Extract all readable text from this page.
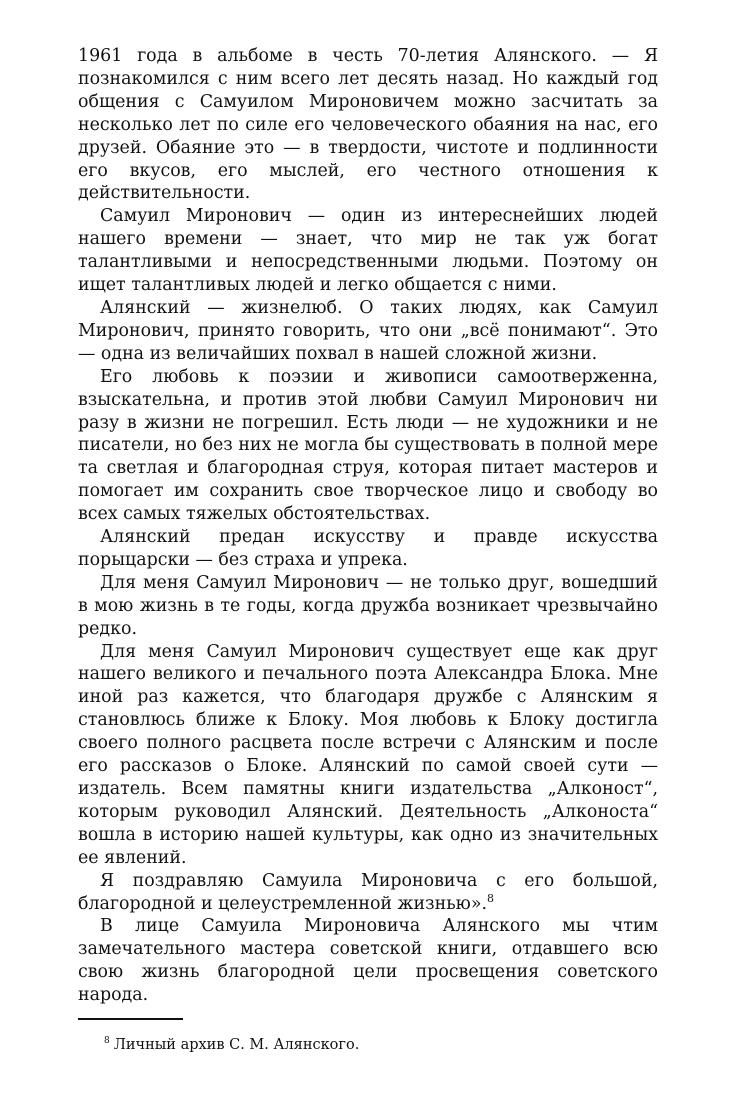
1961 года в альбоме в честь 70-летия Алянского. — Я познакомился с ним всего лет десять назад. Но каждый год общения с Самуилом Мироновичем можно засчитать за несколько лет по силе его человеческого обаяния на нас, его друзей. Обаяние это — в твердости, чистоте и подлинности его вкусов, его мыслей, его честного отношения к действительности.

Самуил Миронович — один из интереснейших людей нашего времени — знает, что мир не так уж богат талантливыми и непосредственными людьми. Поэтому он ищет талантливых людей и легко общается с ними.

Алянский — жизнелюб. О таких людях, как Самуил Миронович, принято говорить, что они „всё понимают“. Это — одна из величайших похвал в нашей сложной жизни.

Его любовь к поэзии и живописи самоотверженна, взыскательна, и против этой любви Самуил Миронович ни разу в жизни не погрешил. Есть люди — не художники и не писатели, но без них не могла бы существовать в полной мере та светлая и благородная струя, которая питает мастеров и помогает им сохранить свое творческое лицо и свободу во всех самых тяжелых обстоятельствах.

Алянский предан искусству и правде искусства порыцарски — без страха и упрека.

Для меня Самуил Миронович — не только друг, вошедший в мою жизнь в те годы, когда дружба возникает чрезвычайно редко.

Для меня Самуил Миронович существует еще как друг нашего великого и печального поэта Александра Блока. Мне иной раз кажется, что благодаря дружбе с Алянским я становлюсь ближе к Блоку. Моя любовь к Блоку достигла своего полного расцвета после встречи с Алянским и после его рассказов о Блоке. Алянский по самой своей сути — издатель. Всем памятны книги издательства „Алконост“, которым руководил Алянский. Деятельность „Алконоста“ вошла в историю нашей культуры, как одно из значительных ее явлений.

Я поздравляю Самуила Мироновича с его большой, благородной и целеустремленной жизнью».$^8$

В лице Самуила Мироновича Алянского мы чтим замечательного мастера советской книги, отдавшего всю свою жизнь благородной цели просвещения советского народа.

$^8$ Личный архив С. М. Алянского.
